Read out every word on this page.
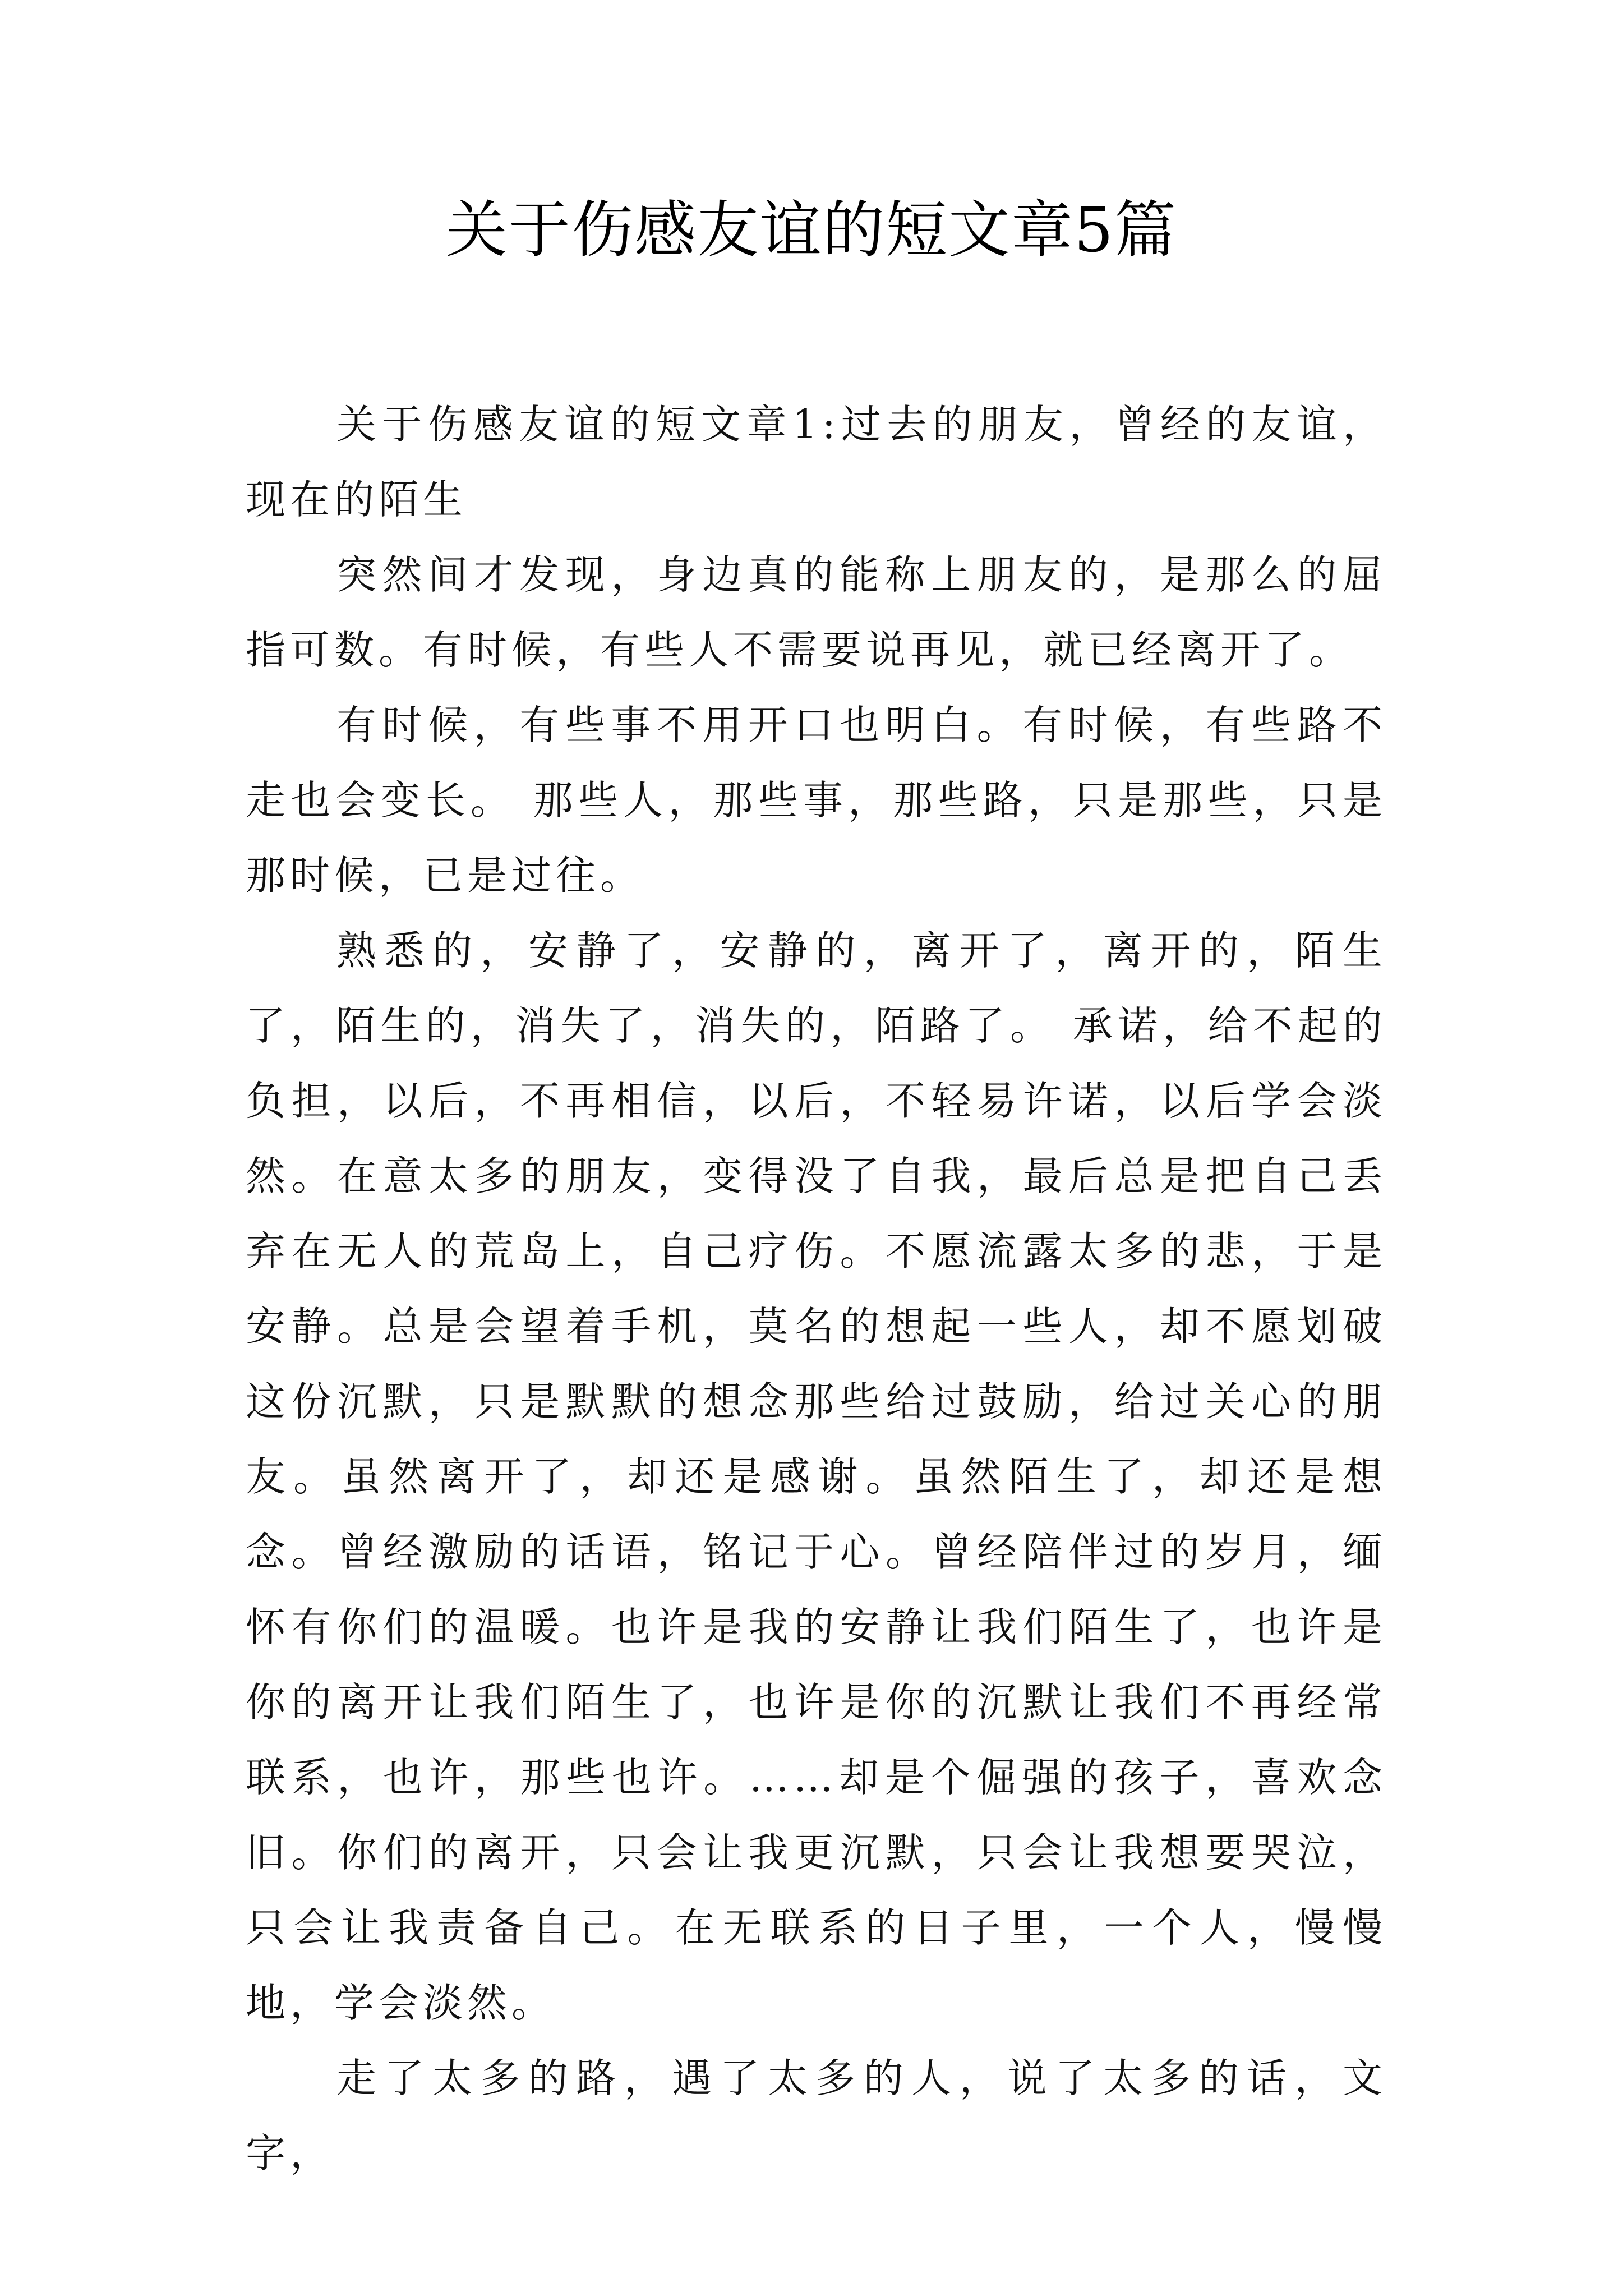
关于伤感友谊的短文章5篇

关于伤感友谊的短文章1:过去的朋友，曾经的友谊，现在的陌生

突然间才发现，身边真的能称上朋友的，是那么的屈指可数。有时候，有些人不需要说再见，就已经离开了。

有时候，有些事不用开口也明白。有时候，有些路不走也会变长。 那些人，那些事，那些路，只是那些，只是那时候，已是过往。

熟悉的，安静了，安静的，离开了，离开的，陌生了，陌生的，消失了，消失的，陌路了。 承诺，给不起的负担，以后，不再相信，以后，不轻易许诺，以后学会淡然。在意太多的朋友，变得没了自我，最后总是把自己丢弃在无人的荒岛上，自己疗伤。不愿流露太多的悲，于是安静。总是会望着手机，莫名的想起一些人，却不愿划破这份沉默，只是默默的想念那些给过鼓励，给过关心的朋友。虽然离开了，却还是感谢。虽然陌生了，却还是想念。曾经激励的话语，铭记于心。曾经陪伴过的岁月，缅怀有你们的温暖。也许是我的安静让我们陌生了，也许是你的离开让我们陌生了，也许是你的沉默让我们不再经常联系，也许，那些也许。……却是个倔强的孩子，喜欢念旧。你们的离开，只会让我更沉默，只会让我想要哭泣，只会让我责备自己。在无联系的日子里，一个人，慢慢地，学会淡然。

走了太多的路，遇了太多的人，说了太多的话，文字，
